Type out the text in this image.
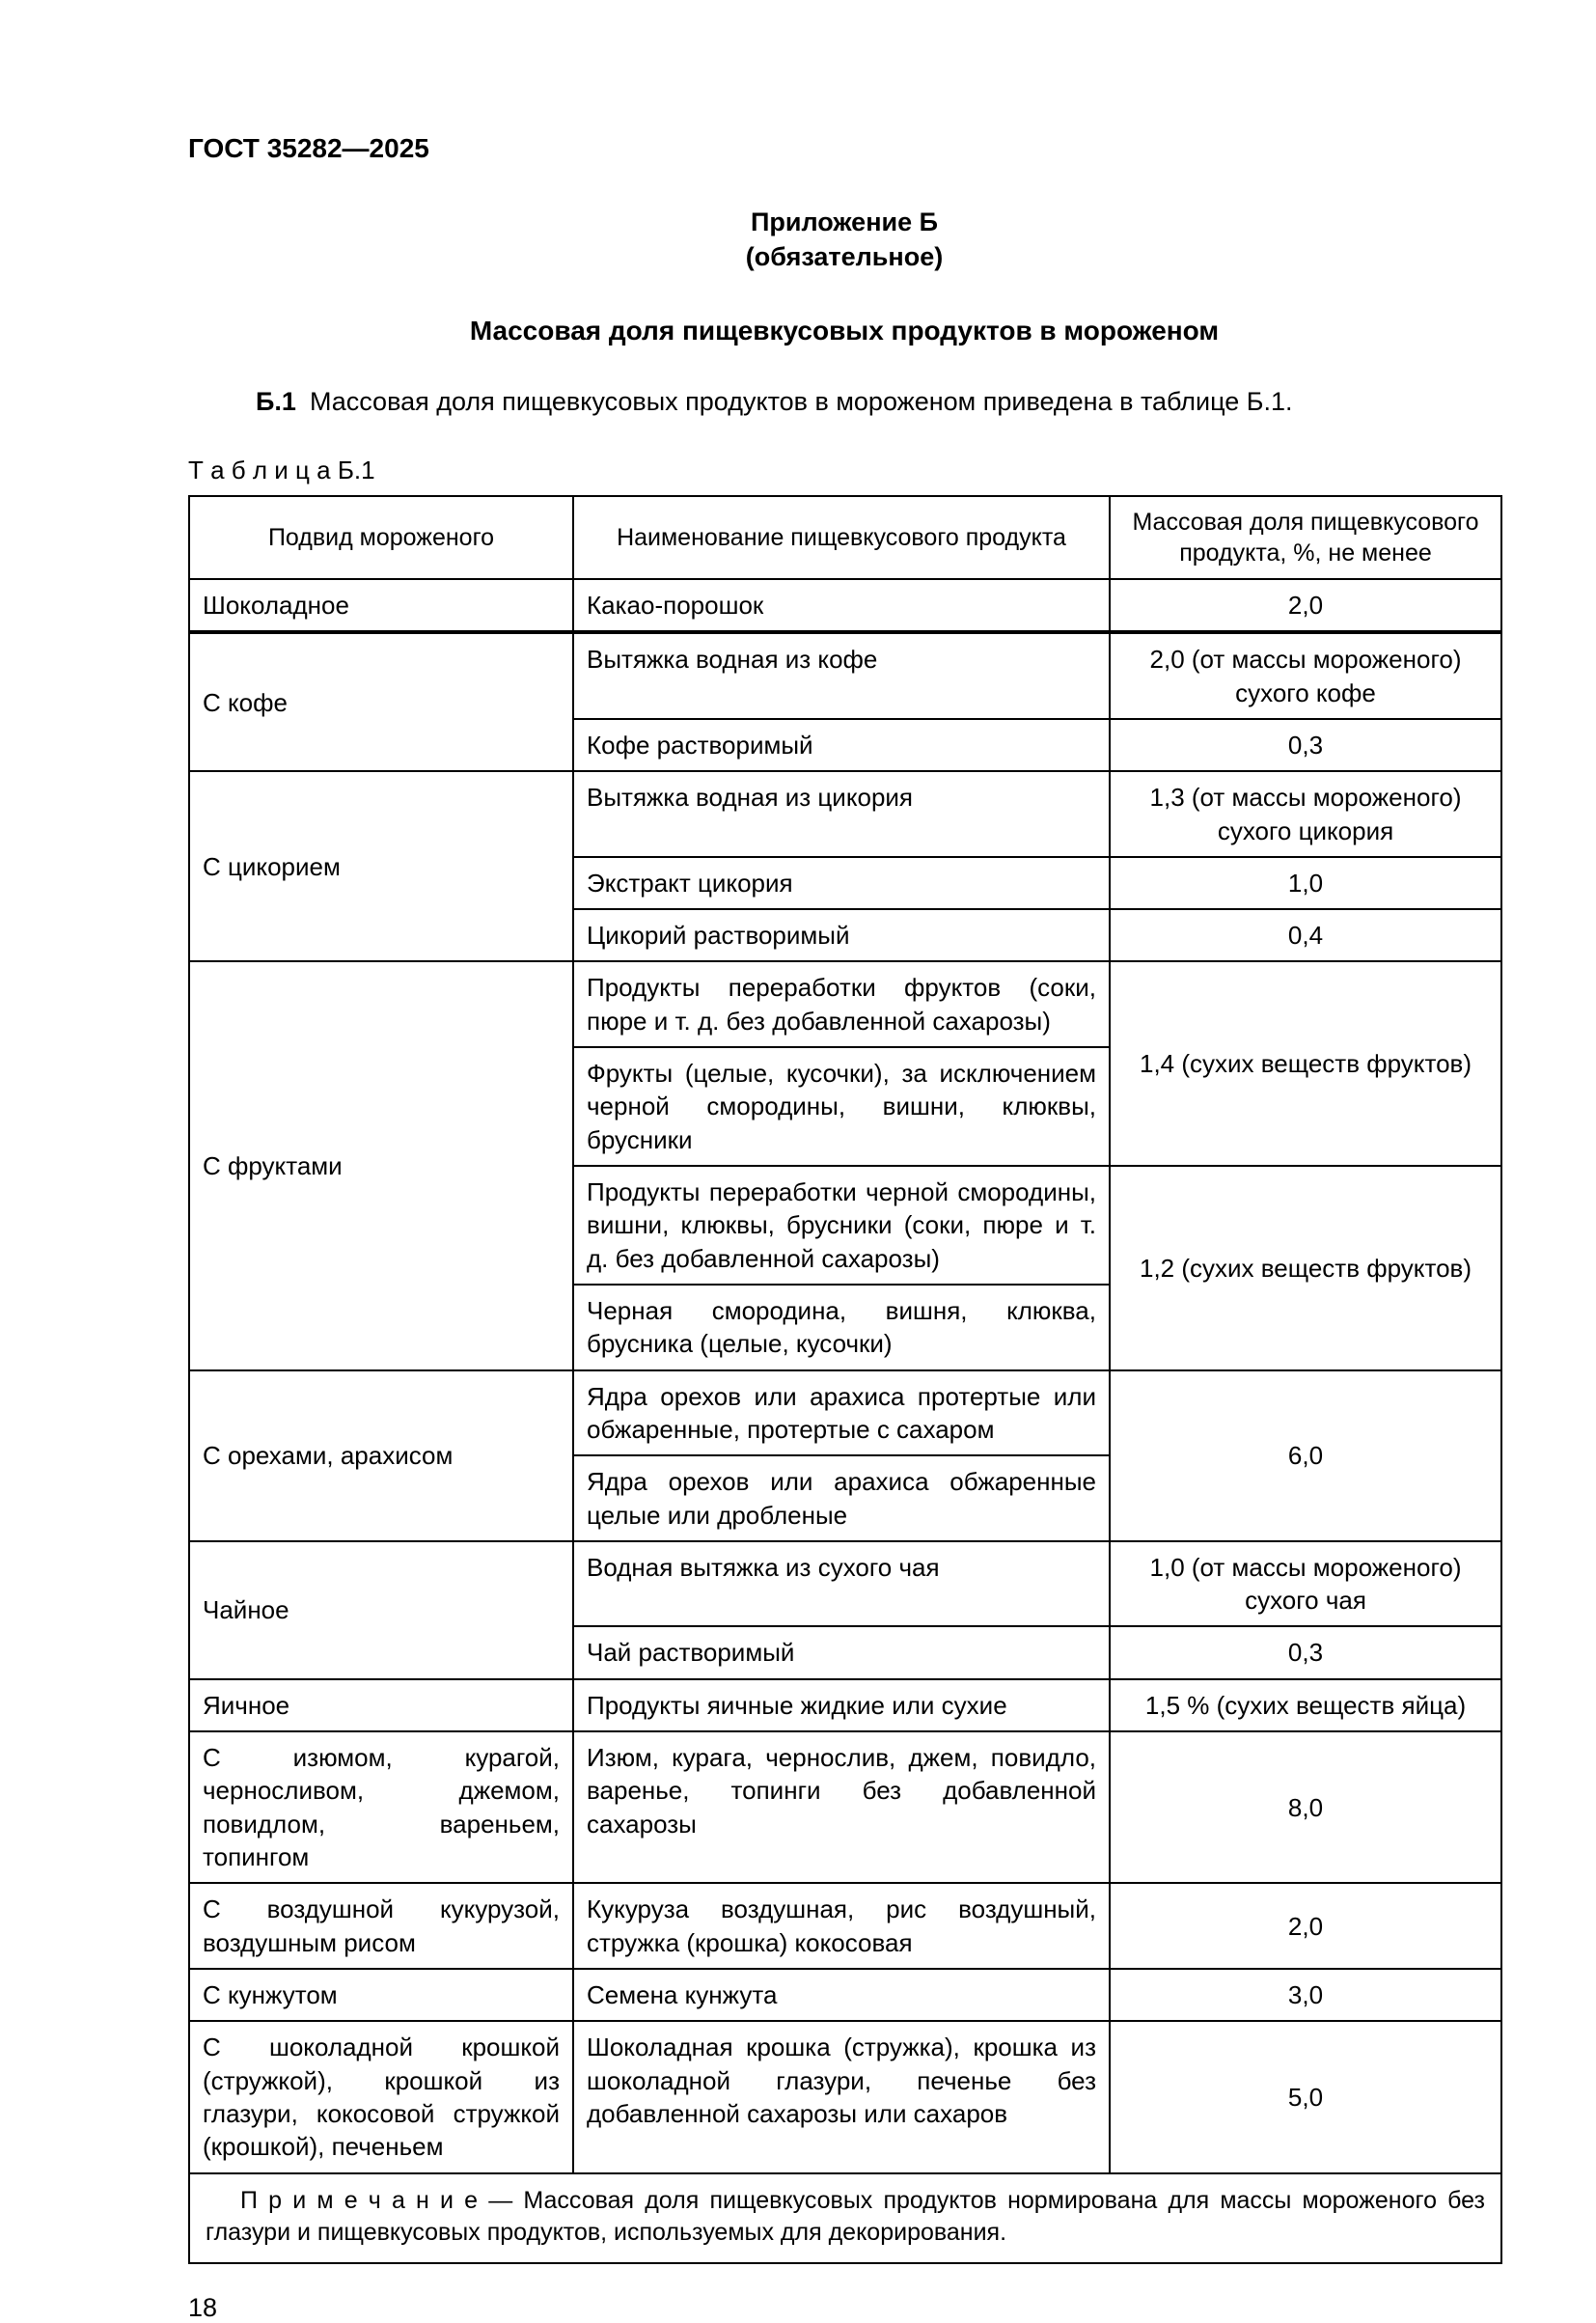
ГОСТ 35282—2025
Приложение Б
(обязательное)
Массовая доля пищевкусовых продуктов в мороженом

Б.1 Массовая доля пищевкусовых продуктов в мороженом приведена в таблице Б.1.

Т а б л и ц а Б.1
Подвид мороженого	Наименование пищевкусового продукта	Массовая доля пищевкусового продукта, %, не менее
Шоколадное	Какао-порошок	2,0
С кофе	Вытяжка водная из кофе	2,0 (от массы мороженого) сухого кофе
	Кофе растворимый	0,3
С цикорием	Вытяжка водная из цикория	1,3 (от массы мороженого) сухого цикория
	Экстракт цикория	1,0
	Цикорий растворимый	0,4
С фруктами	Продукты переработки фруктов (соки, пюре и т. д. без добавленной сахарозы)	1,4 (сухих веществ фруктов)
	Фрукты (целые, кусочки), за исключением черной смородины, вишни, клюквы, брусники	
	Продукты переработки черной смородины, вишни, клюквы, брусники (соки, пюре и т. д. без добавленной сахарозы)	1,2 (сухих веществ фруктов)
	Черная смородина, вишня, клюква, брусника (целые, кусочки)	
С орехами, арахисом	Ядра орехов или арахиса протертые или обжаренные, протертые с сахаром	6,0
	Ядра орехов или арахиса обжаренные целые или дробленые	
Чайное	Водная вытяжка из сухого чая	1,0 (от массы мороженого) сухого чая
	Чай растворимый	0,3
Яичное	Продукты яичные жидкие или сухие	1,5 % (сухих веществ яйца)
С изюмом, курагой, черносливом, джемом, повидлом, вареньем, топингом	Изюм, курага, чернослив, джем, повидло, варенье, топинги без добавленной сахарозы	8,0
С воздушной кукурузой, воздушным рисом	Кукуруза воздушная, рис воздушный, стружка (крошка) кокосовая	2,0
С кунжутом	Семена кунжута	3,0
С шоколадной крошкой (стружкой), крошкой из глазури, кокосовой стружкой (крошкой), печеньем	Шоколадная крошка (стружка), крошка из шоколадной глазури, печенье без добавленной сахарозы или сахаров	5,0
П р и м е ч а н и е — Массовая доля пищевкусовых продуктов нормирована для массы мороженого без глазури и пищевкусовых продуктов, используемых для декорирования.		
18
